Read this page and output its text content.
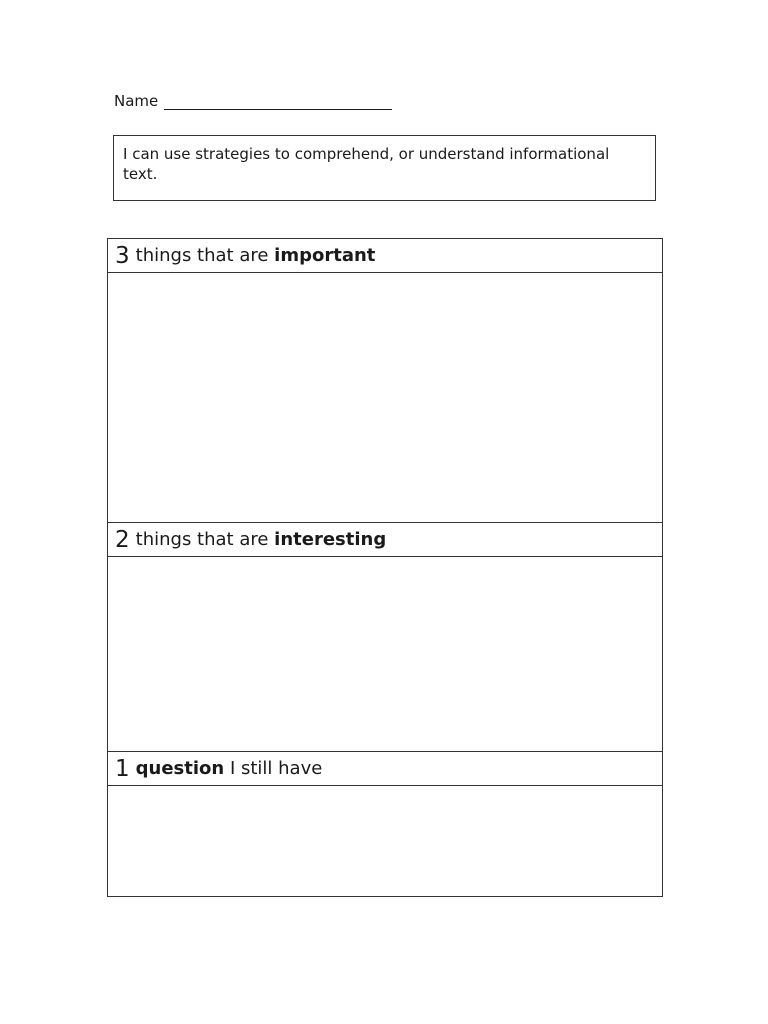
Name
I can use strategies to comprehend, or understand informational text.
3 things that are
important
2 things that are
interesting
1 question
I still have
